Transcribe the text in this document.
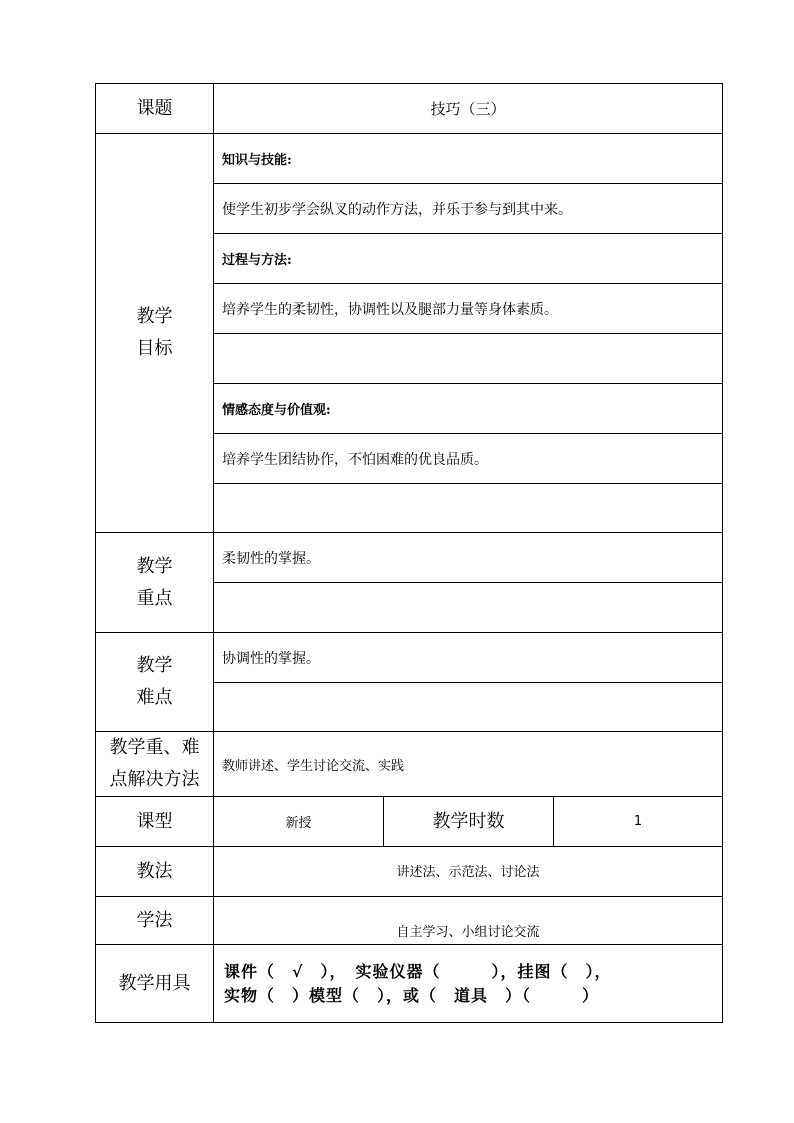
课题	技巧（三）		

教学
目标	知识与技能:		
	使学生初步学会纵叉的动作方法，并乐于参与到其中来。		
	过程与方法:		
	培养学生的柔韧性，协调性以及腿部力量等身体素质。		

	情感态度与价值观:		
	培养学生团结协作，不怕困难的优良品质。		

教学
重点	柔韧性的掌握。		

教学
难点	协调性的掌握。		

教学重、难
点解决方法	教师讲述、学生讨论交流、实践		
课型	新授	教学时数	1
教法	讲述法、示范法、讨论法		
学法	自主学习、小组讨论交流		
教学用具	课件（　√　），　实验仪器（　　　），挂图（　），
实物（　）模型（　），或（　道具　）（　　　）		
